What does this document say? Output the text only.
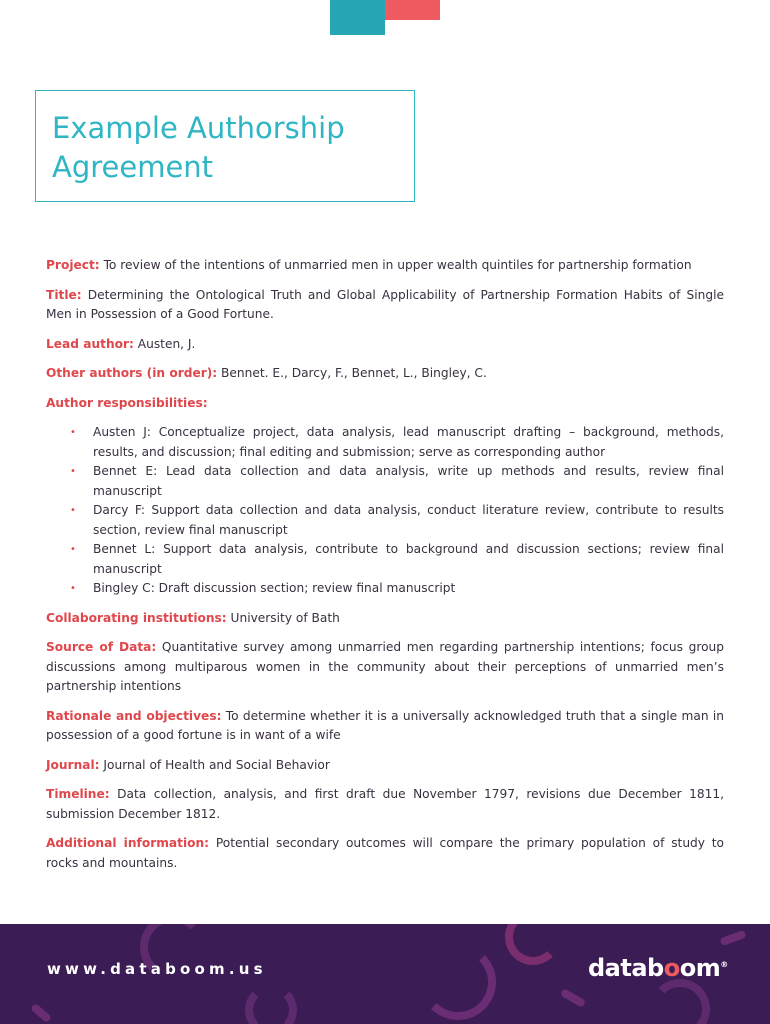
Example Authorship Agreement

Project: To review of the intentions of unmarried men in upper wealth quintiles for partnership formation

Title: Determining the Ontological Truth and Global Applicability of Partnership Formation Habits of Single Men in Possession of a Good Fortune.

Lead author: Austen, J.

Other authors (in order): Bennet. E., Darcy, F., Bennet, L., Bingley, C.

Author responsibilities:

• Austen J: Conceptualize project, data analysis, lead manuscript drafting – background, methods, results, and discussion; final editing and submission; serve as corresponding author
• Bennet E: Lead data collection and data analysis, write up methods and results, review final manuscript
• Darcy F: Support data collection and data analysis, conduct literature review, contribute to results section, review final manuscript
• Bennet L: Support data analysis, contribute to background and discussion sections; review final manuscript
• Bingley C: Draft discussion section; review final manuscript

Collaborating institutions: University of Bath

Source of Data: Quantitative survey among unmarried men regarding partnership intentions; focus group discussions among multiparous women in the community about their perceptions of unmarried men’s partnership intentions

Rationale and objectives: To determine whether it is a universally acknowledged truth that a single man in possession of a good fortune is in want of a wife

Journal: Journal of Health and Social Behavior

Timeline: Data collection, analysis, and first draft due November 1797, revisions due December 1811, submission December 1812.

Additional information: Potential secondary outcomes will compare the primary population of study to rocks and mountains.

www.databoom.us	databoom®
